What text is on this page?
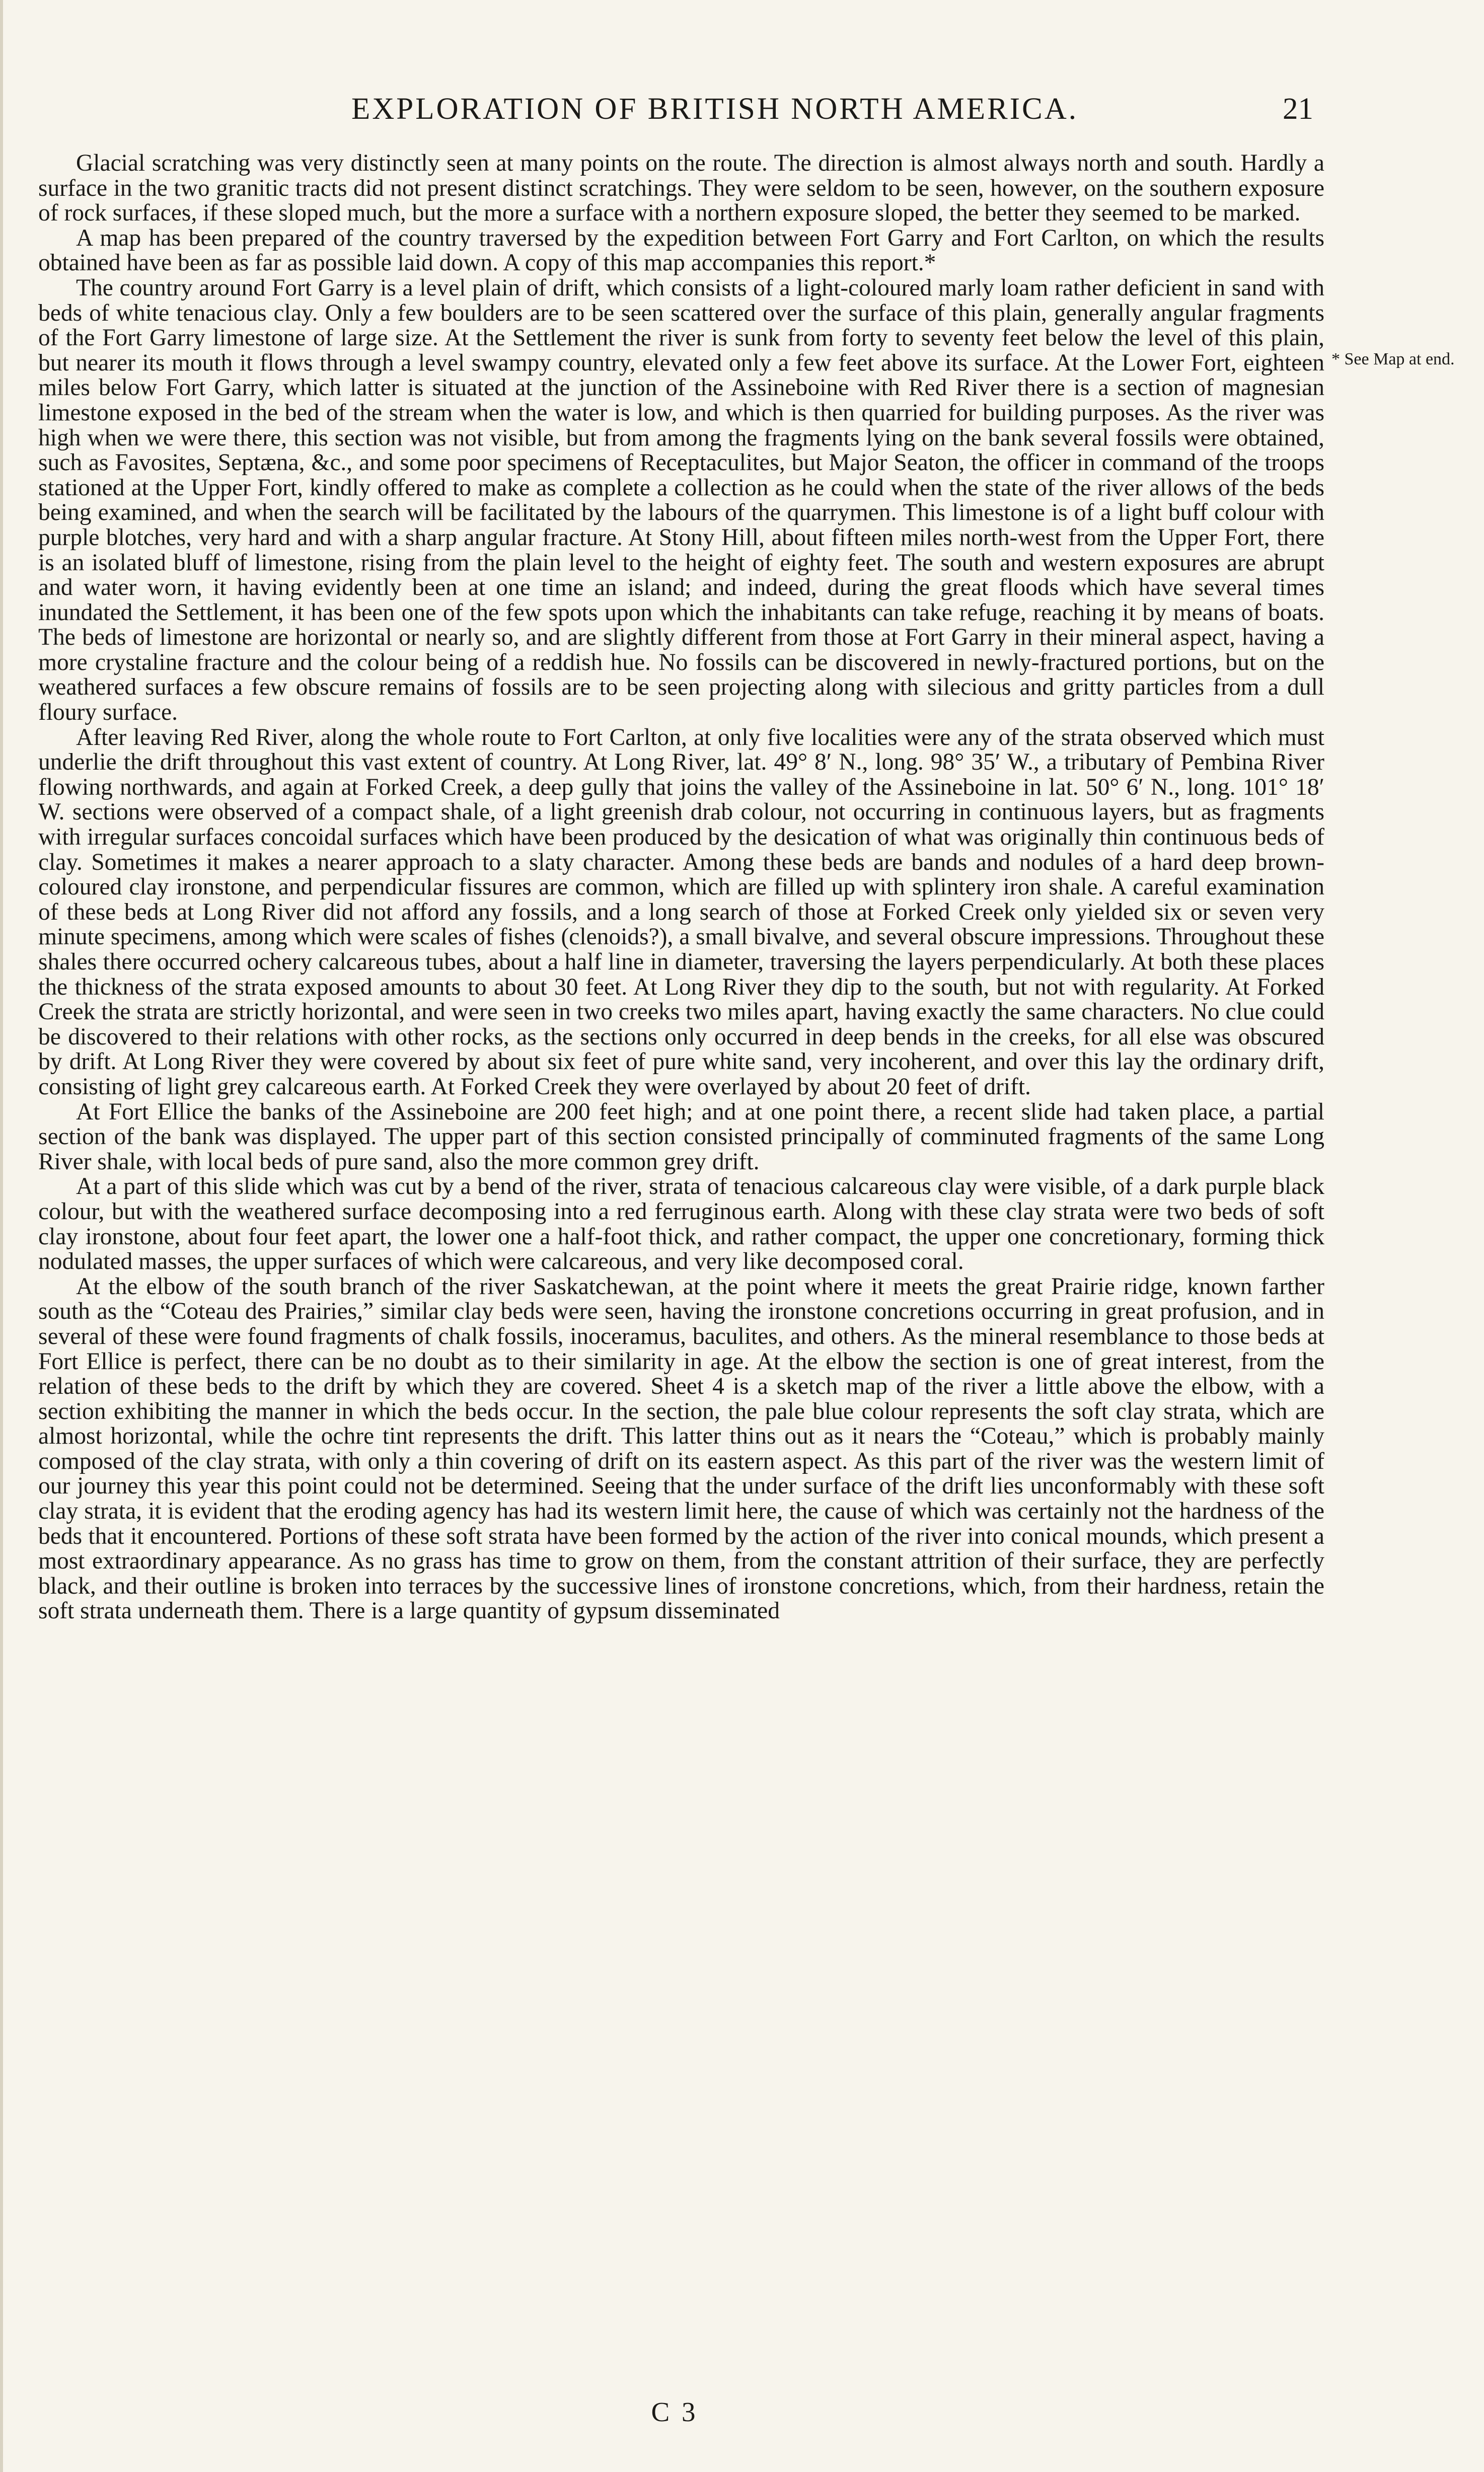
EXPLORATION OF BRITISH NORTH AMERICA.	21

Glacial scratching was very distinctly seen at many points on the route. The direction is almost always north and south. Hardly a surface in the two granitic tracts did not present distinct scratchings. They were seldom to be seen, however, on the southern exposure of rock surfaces, if these sloped much, but the more a surface with a northern exposure sloped, the better they seemed to be marked.

A map has been prepared of the country traversed by the expedition between Fort Garry and Fort Carlton, on which the results obtained have been as far as possible laid down. A copy of this map accompanies this report.*

The country around Fort Garry is a level plain of drift, which consists of a light-coloured marly loam rather deficient in sand with beds of white tenacious clay. Only a few boulders are to be seen scattered over the surface of this plain, generally angular fragments of the Fort Garry limestone of large size. At the Settlement the river is sunk from forty to seventy feet below the level of this plain, but nearer its mouth it flows through a level swampy country, elevated only a few feet above its surface. At the Lower Fort, eighteen miles below Fort Garry, which latter is situated at the junction of the Assineboine with Red River there is a section of magnesian limestone exposed in the bed of the stream when the water is low, and which is then quarried for building purposes. As the river was high when we were there, this section was not visible, but from among the fragments lying on the bank several fossils were obtained, such as Favosites, Septæna, &c., and some poor specimens of Receptaculites, but Major Seaton, the officer in command of the troops stationed at the Upper Fort, kindly offered to make as complete a collection as he could when the state of the river allows of the beds being examined, and when the search will be facilitated by the labours of the quarrymen. This limestone is of a light buff colour with purple blotches, very hard and with a sharp angular fracture. At Stony Hill, about fifteen miles north-west from the Upper Fort, there is an isolated bluff of limestone, rising from the plain level to the height of eighty feet. The south and western exposures are abrupt and water worn, it having evidently been at one time an island; and indeed, during the great floods which have several times inundated the Settlement, it has been one of the few spots upon which the inhabitants can take refuge, reaching it by means of boats. The beds of limestone are horizontal or nearly so, and are slightly different from those at Fort Garry in their mineral aspect, having a more crystaline fracture and the colour being of a reddish hue. No fossils can be discovered in newly-fractured portions, but on the weathered surfaces a few obscure remains of fossils are to be seen projecting along with silecious and gritty particles from a dull floury surface.

After leaving Red River, along the whole route to Fort Carlton, at only five localities were any of the strata observed which must underlie the drift throughout this vast extent of country. At Long River, lat. 49° 8′ N., long. 98° 35′ W., a tributary of Pembina River flowing northwards, and again at Forked Creek, a deep gully that joins the valley of the Assineboine in lat. 50° 6′ N., long. 101° 18′ W. sections were observed of a compact shale, of a light greenish drab colour, not occurring in continuous layers, but as fragments with irregular surfaces concoidal surfaces which have been produced by the desication of what was originally thin continuous beds of clay. Sometimes it makes a nearer approach to a slaty character. Among these beds are bands and nodules of a hard deep brown-coloured clay ironstone, and perpendicular fissures are common, which are filled up with splintery iron shale. A careful examination of these beds at Long River did not afford any fossils, and a long search of those at Forked Creek only yielded six or seven very minute specimens, among which were scales of fishes (clenoids?), a small bivalve, and several obscure impressions. Throughout these shales there occurred ochery calcareous tubes, about a half line in diameter, traversing the layers perpendicularly. At both these places the thickness of the strata exposed amounts to about 30 feet. At Long River they dip to the south, but not with regularity. At Forked Creek the strata are strictly horizontal, and were seen in two creeks two miles apart, having exactly the same characters. No clue could be discovered to their relations with other rocks, as the sections only occurred in deep bends in the creeks, for all else was obscured by drift. At Long River they were covered by about six feet of pure white sand, very incoherent, and over this lay the ordinary drift, consisting of light grey calcareous earth. At Forked Creek they were overlayed by about 20 feet of drift.

At Fort Ellice the banks of the Assineboine are 200 feet high; and at one point there, a recent slide had taken place, a partial section of the bank was displayed. The upper part of this section consisted principally of comminuted fragments of the same Long River shale, with local beds of pure sand, also the more common grey drift.

At a part of this slide which was cut by a bend of the river, strata of tenacious calcareous clay were visible, of a dark purple black colour, but with the weathered surface decomposing into a red ferruginous earth. Along with these clay strata were two beds of soft clay ironstone, about four feet apart, the lower one a half-foot thick, and rather compact, the upper one concretionary, forming thick nodulated masses, the upper surfaces of which were calcareous, and very like decomposed coral.

At the elbow of the south branch of the river Saskatchewan, at the point where it meets the great Prairie ridge, known farther south as the “Coteau des Prairies,” similar clay beds were seen, having the ironstone concretions occurring in great profusion, and in several of these were found fragments of chalk fossils, inoceramus, baculites, and others. As the mineral resemblance to those beds at Fort Ellice is perfect, there can be no doubt as to their similarity in age. At the elbow the section is one of great interest, from the relation of these beds to the drift by which they are covered. Sheet 4 is a sketch map of the river a little above the elbow, with a section exhibiting the manner in which the beds occur. In the section, the pale blue colour represents the soft clay strata, which are almost horizontal, while the ochre tint represents the drift. This latter thins out as it nears the “Coteau,” which is probably mainly composed of the clay strata, with only a thin covering of drift on its eastern aspect. As this part of the river was the western limit of our journey this year this point could not be determined. Seeing that the under surface of the drift lies unconformably with these soft clay strata, it is evident that the eroding agency has had its western limit here, the cause of which was certainly not the hardness of the beds that it encountered. Portions of these soft strata have been formed by the action of the river into conical mounds, which present a most extraordinary appearance. As no grass has time to grow on them, from the constant attrition of their surface, they are perfectly black, and their outline is broken into terraces by the successive lines of ironstone concretions, which, from their hardness, retain the soft strata underneath them. There is a large quantity of gypsum disseminated

* See Map at end.
C 3
